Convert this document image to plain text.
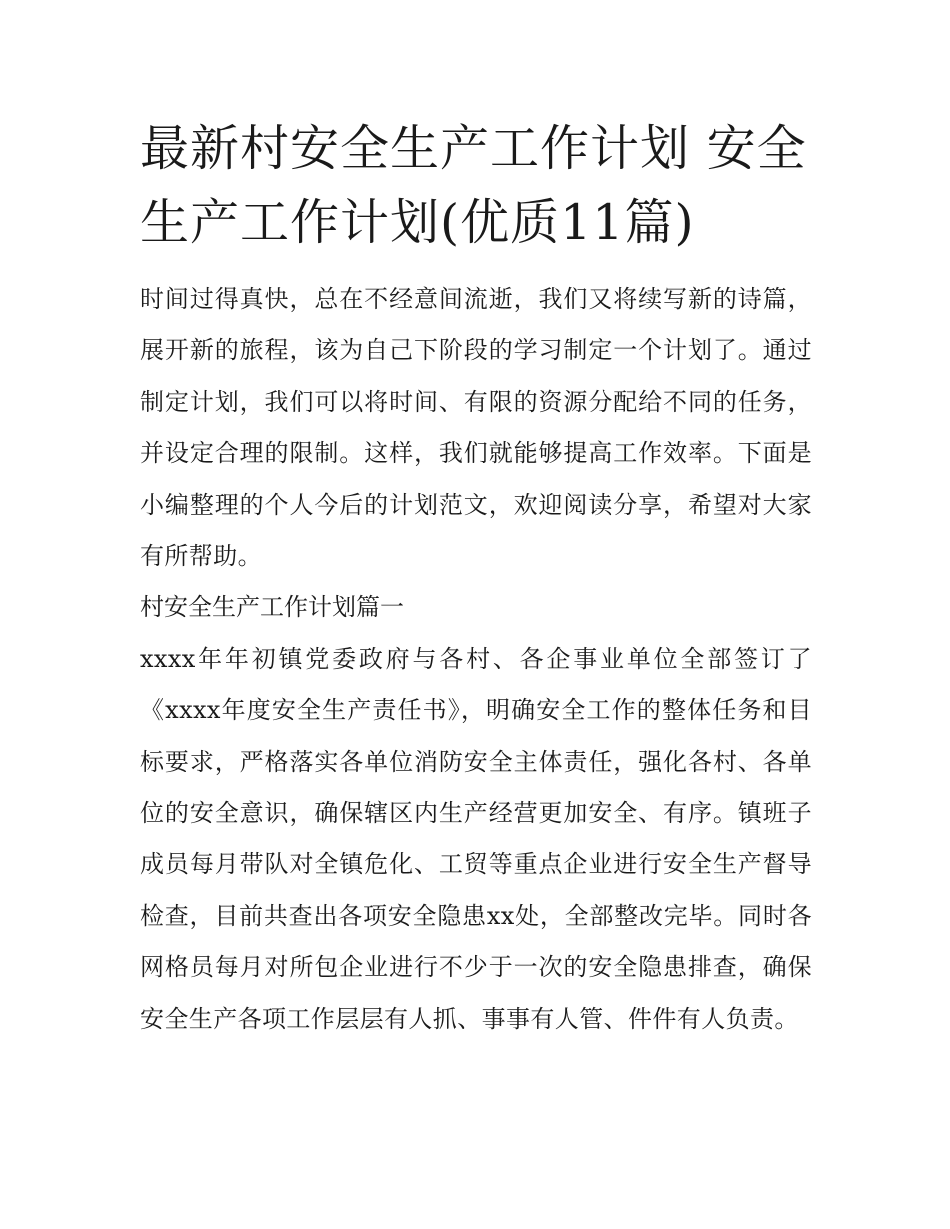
最新村安全生产工作计划 安全生产工作计划(优质11篇)

时间过得真快，总在不经意间流逝，我们又将续写新的诗篇，展开新的旅程，该为自己下阶段的学习制定一个计划了。通过制定计划，我们可以将时间、有限的资源分配给不同的任务，并设定合理的限制。这样，我们就能够提高工作效率。下面是小编整理的个人今后的计划范文，欢迎阅读分享，希望对大家有所帮助。

村安全生产工作计划篇一

xxxx年年初镇党委政府与各村、各企事业单位全部签订了《xxxx年度安全生产责任书》，明确安全工作的整体任务和目标要求，严格落实各单位消防安全主体责任，强化各村、各单位的安全意识，确保辖区内生产经营更加安全、有序。镇班子成员每月带队对全镇危化、工贸等重点企业进行安全生产督导检查，目前共查出各项安全隐患xx处，全部整改完毕。同时各网格员每月对所包企业进行不少于一次的安全隐患排查，确保安全生产各项工作层层有人抓、事事有人管、件件有人负责。
